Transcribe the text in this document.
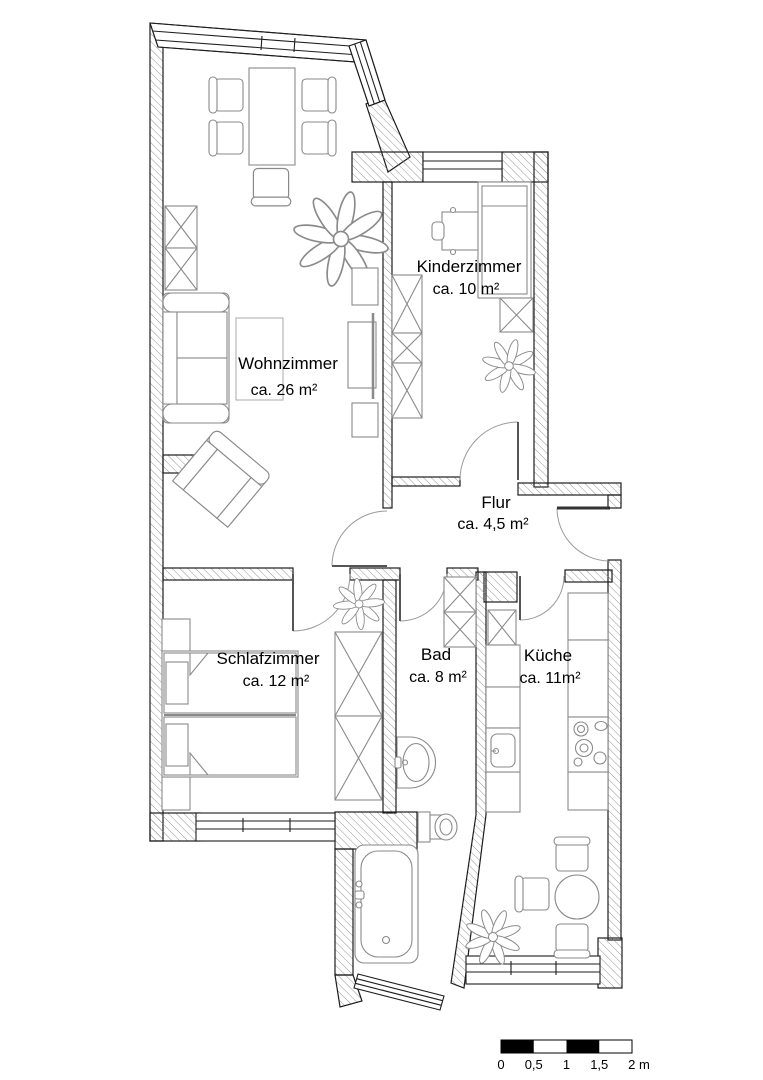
Wohnzimmer
ca. 26 m²
Kinderzimmer
ca. 10 m²
Flur
ca. 4,5 m²
Schlafzimmer
ca. 12 m²
Bad
ca. 8 m²
Küche
ca. 11m²
0 0,5 1 1,5 2 m
